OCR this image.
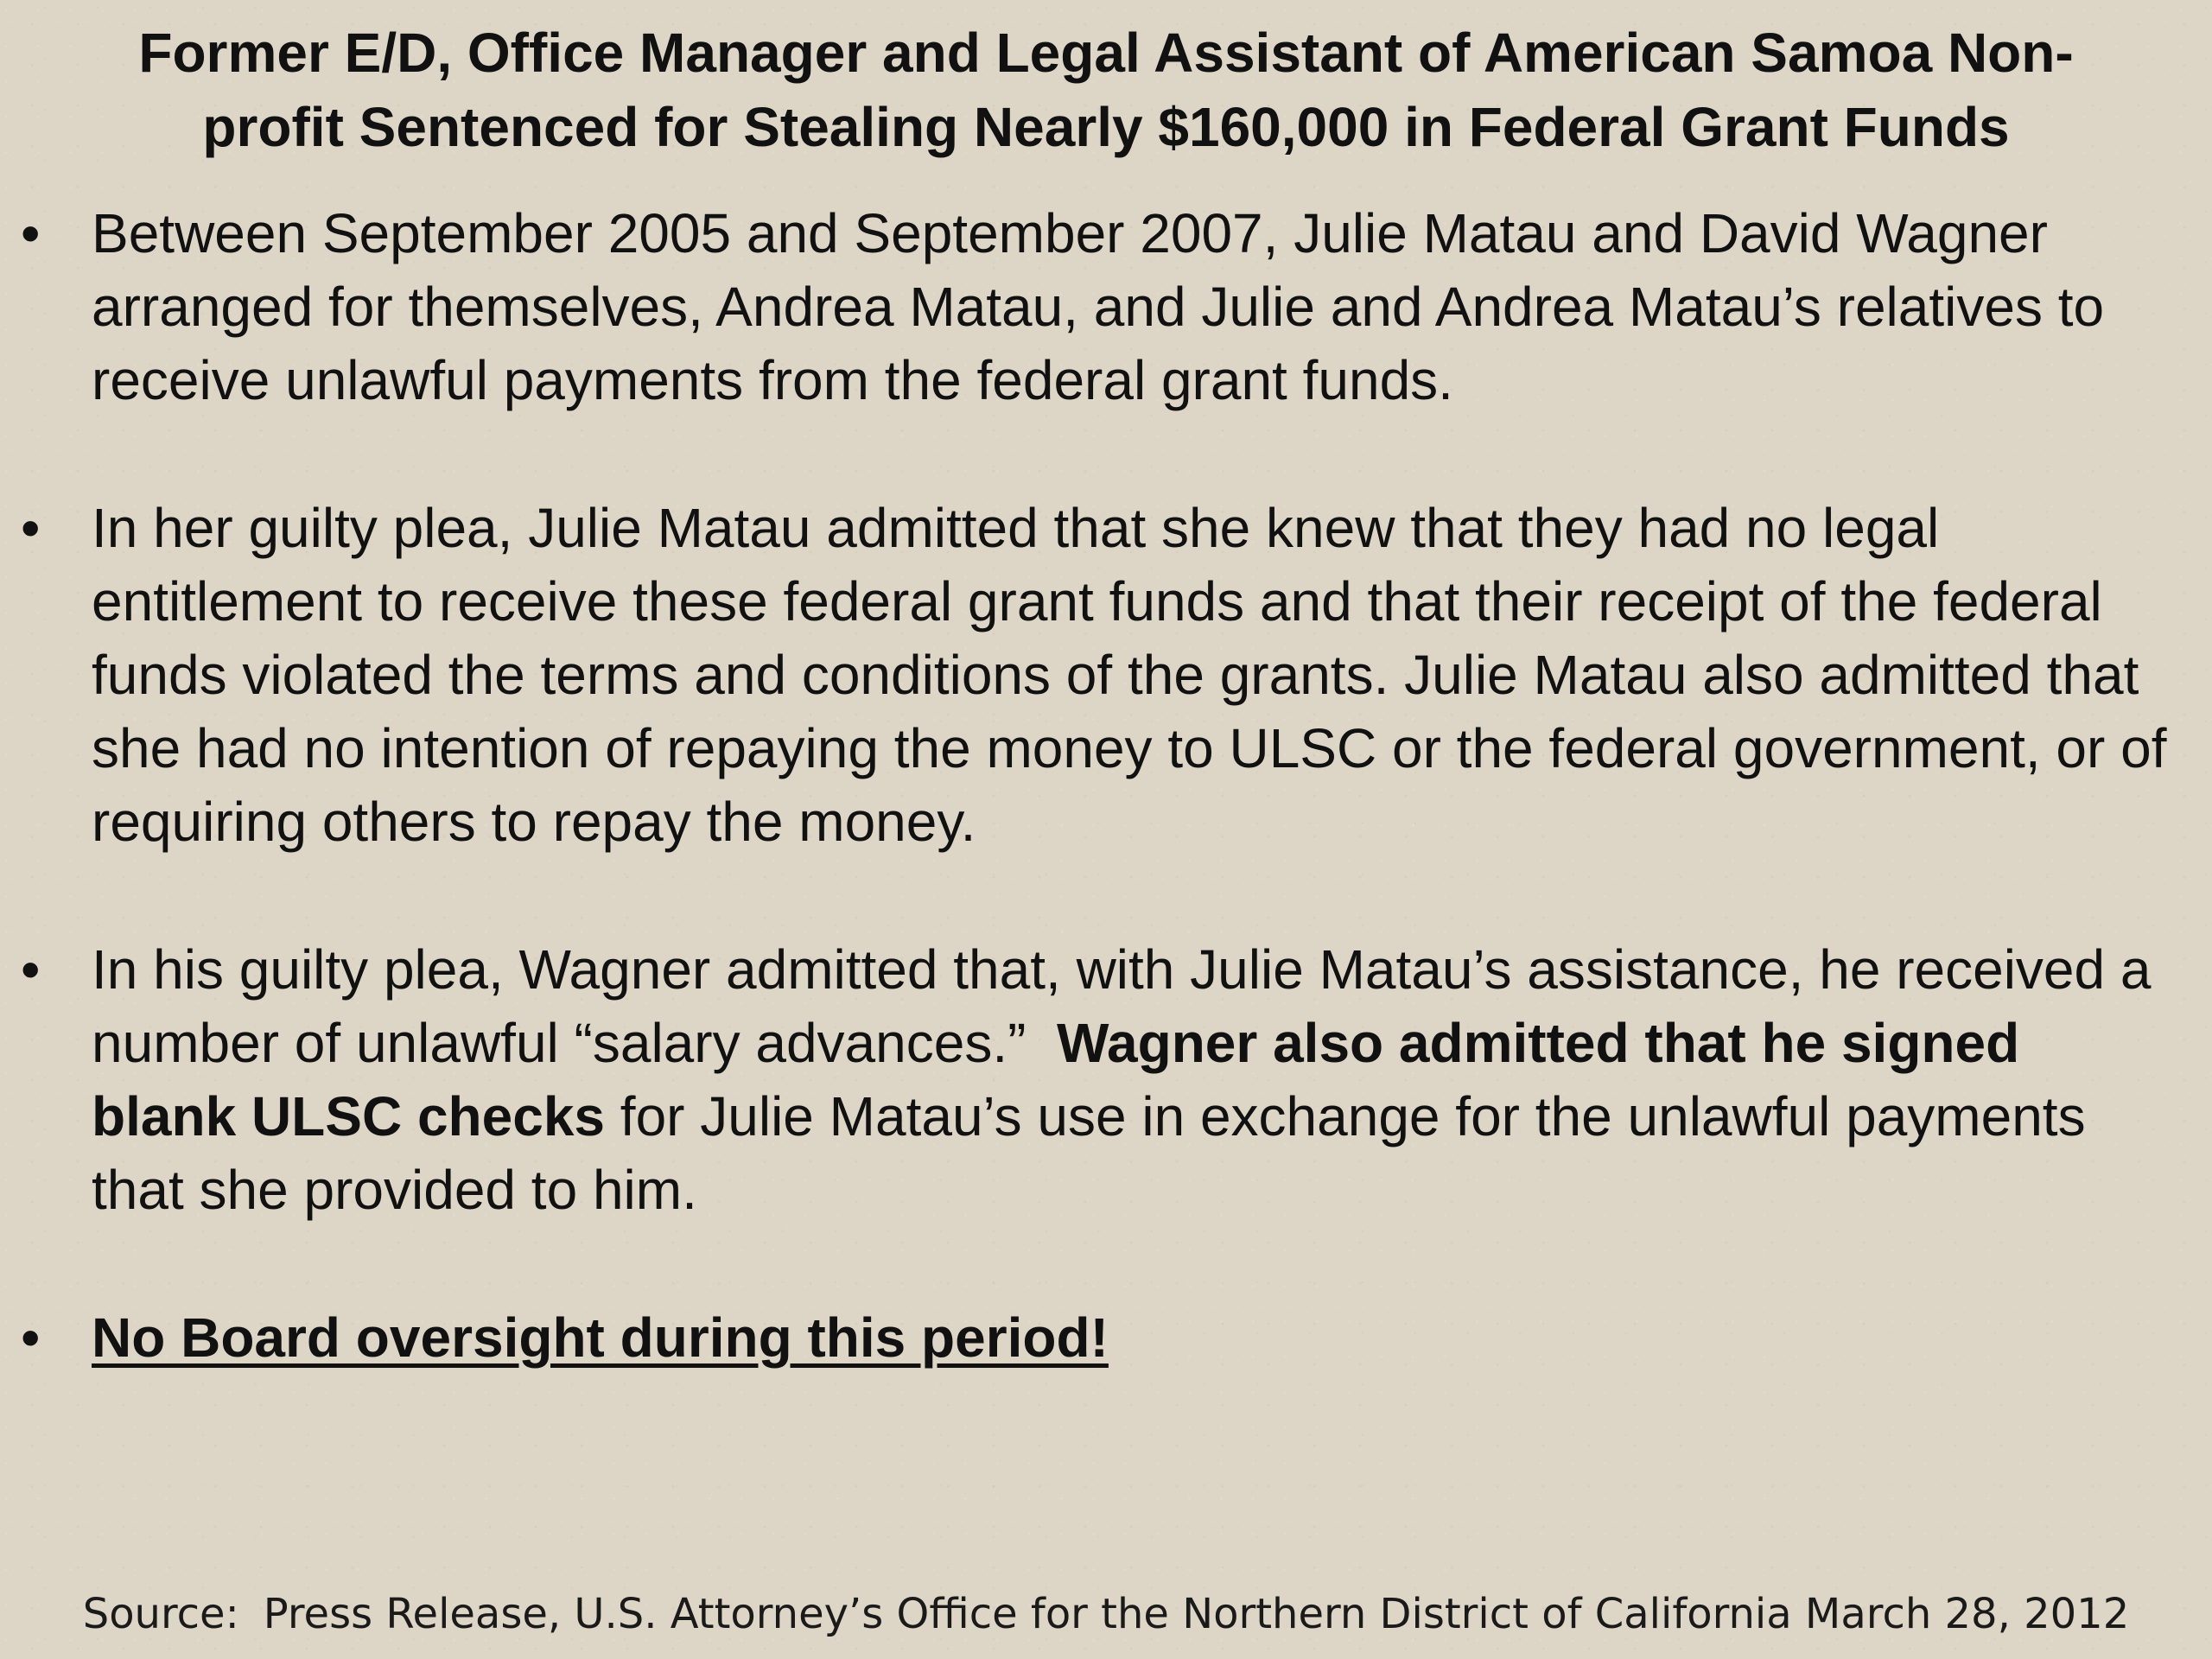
Former E/D, Office Manager and Legal Assistant of American Samoa Non-
profit Sentenced for Stealing Nearly $160,000 in Federal Grant Funds
• Between September 2005 and September 2007, Julie Matau and David Wagner arranged for themselves, Andrea Matau, and Julie and Andrea Matau’s relatives to receive unlawful payments from the federal grant funds.
• In her guilty plea, Julie Matau admitted that she knew that they had no legal entitlement to receive these federal grant funds and that their receipt of the federal funds violated the terms and conditions of the grants. Julie Matau also admitted that she had no intention of repaying the money to ULSC or the federal government, or of requiring others to repay the money.
• In his guilty plea, Wagner admitted that, with Julie Matau’s assistance, he received a number of unlawful “salary advances.”  Wagner also admitted that he signed blank ULSC checks for Julie Matau’s use in exchange for the unlawful payments that she provided to him.
• No Board oversight during this period!

Source: Press Release, U.S. Attorney’s Office for the Northern District of California March 28, 2012
